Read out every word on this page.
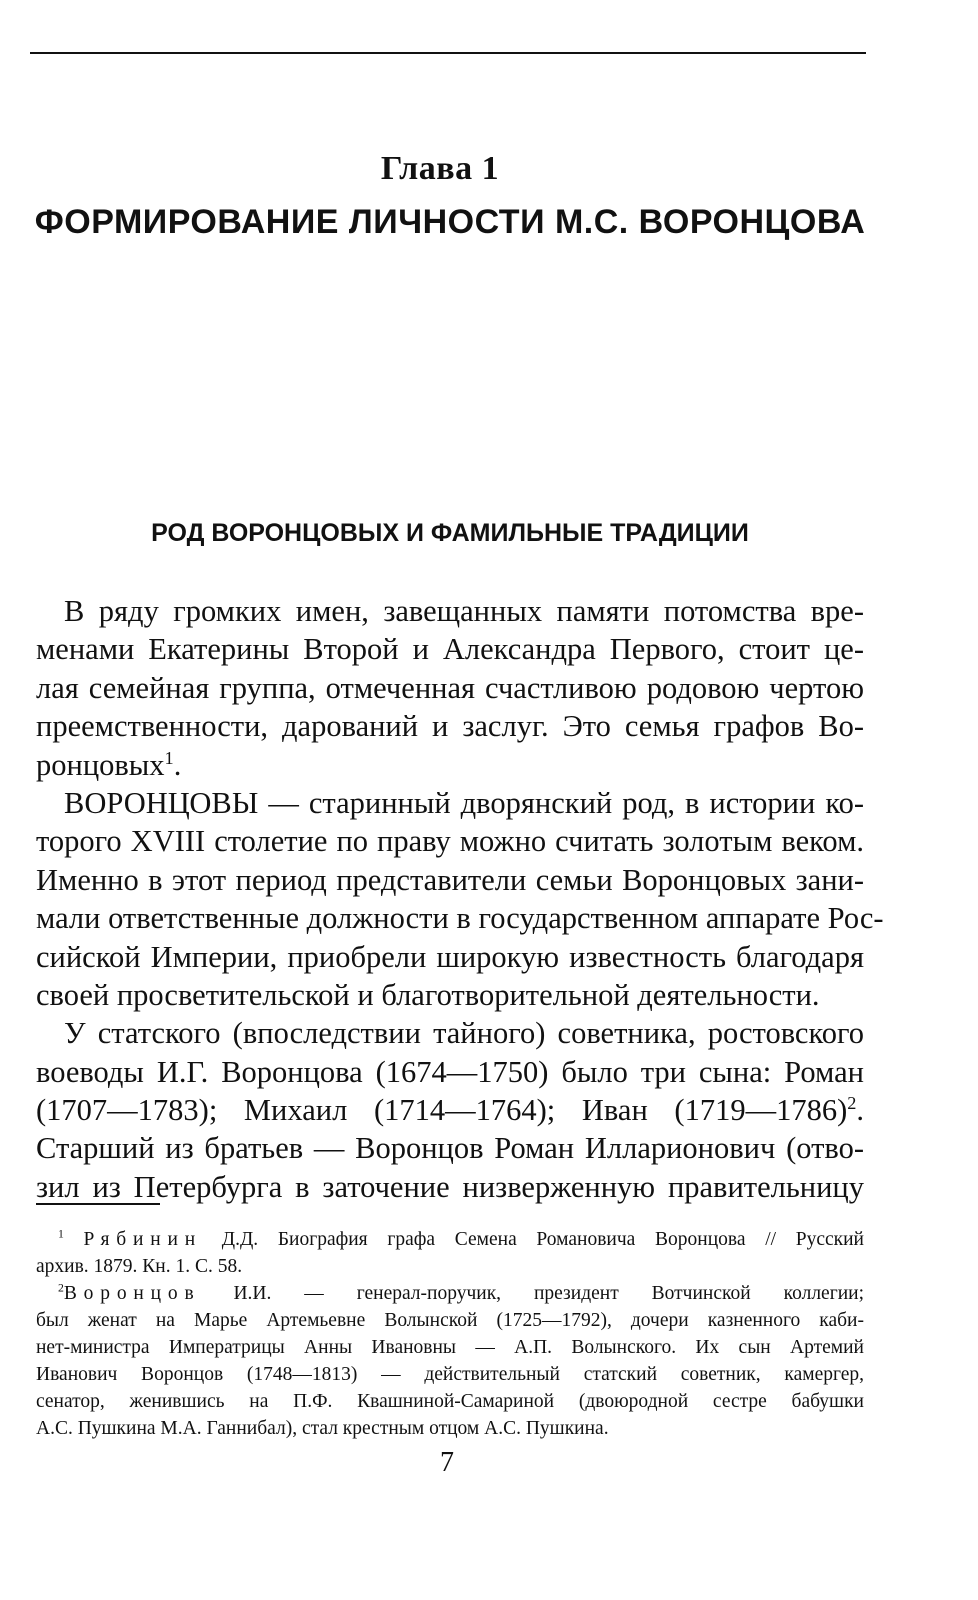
Глава 1
ФОРМИРОВАНИЕ ЛИЧНОСТИ М.С. ВОРОНЦОВА
РОД ВОРОНЦОВЫХ И ФАМИЛЬНЫЕ ТРАДИЦИИ
В ряду громких имен, завещанных памяти потомства вре-
менами Екатерины Второй и Александра Первого, стоит це-
лая семейная группа, отмеченная счастливою родовою чертою
преемственности, дарований и заслуг. Это семья графов Во-
ронцовых$^1$.
ВОРОНЦОВЫ — старинный дворянский род, в истории ко-
торого XVIII столетие по праву можно считать золотым веком.
Именно в этот период представители семьи Воронцовых зани-
мали ответственные должности в государственном аппарате Рос-
сийской Империи, приобрели широкую известность благодаря
своей просветительской и благотворительной деятельности.
У статского (впоследствии тайного) советника, ростовского
воеводы И.Г. Воронцова (1674—1750) было три сына: Роман
(1707—1783); Михаил (1714—1764); Иван (1719—1786)$^2$.
Старший из братьев — Воронцов Роман Илларионович (отво-
зил из Петербурга в заточение низверженную правительницу
$^1$ Рябинин Д.Д. Биография графа Семена Романовича Воронцова // Русский
архив. 1879. Кн. 1. С. 58.
$^2$Воронцов И.И. — генерал-поручик, президент Вотчинской коллегии;
был женат на Марье Артемьевне Волынской (1725—1792), дочери казненного каби-
нет-министра Императрицы Анны Ивановны — А.П. Волынского. Их сын Артемий
Иванович Воронцов (1748—1813) — действительный статский советник, камергер,
сенатор, женившись на П.Ф. Квашниной-Самариной (двоюродной сестре бабушки
А.С. Пушкина М.А. Ганнибал), стал крестным отцом А.С. Пушкина.
7
